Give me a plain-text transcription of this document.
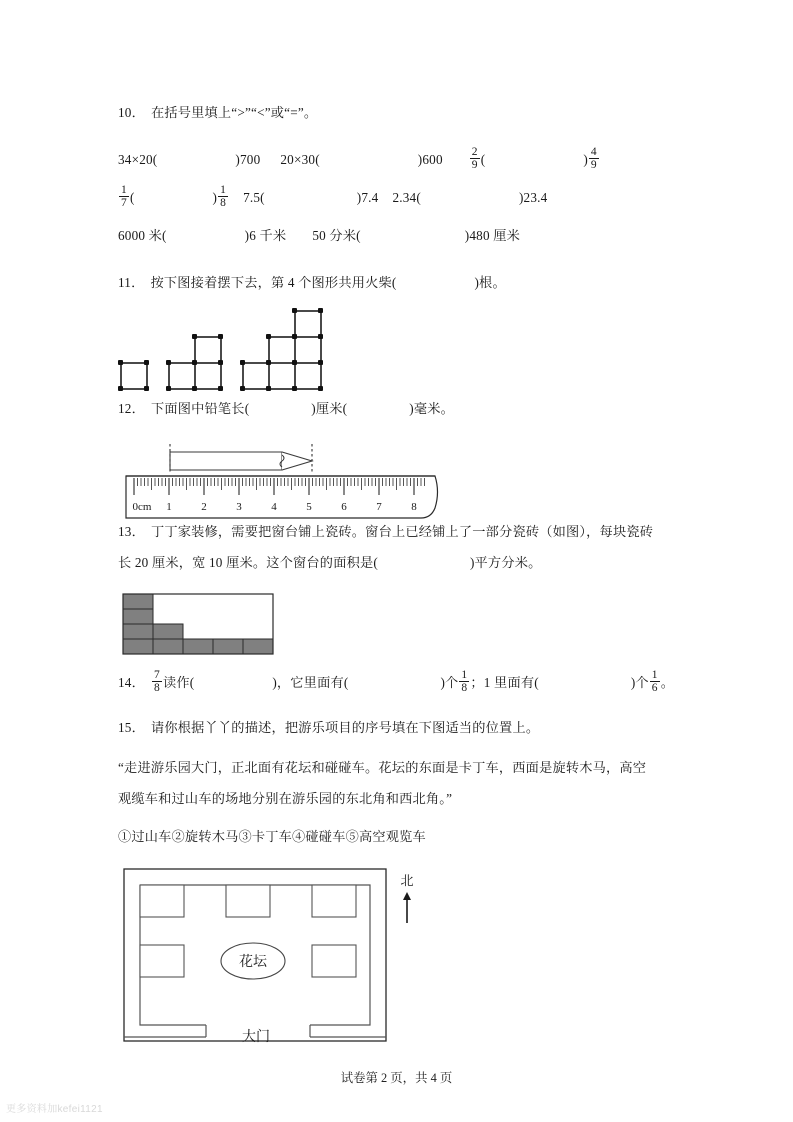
10． 在括号里填上“>”“<”或“=”。
34×20(	)700 20×30(	)$600 \frac{2}{9}$ (	) $\frac{4}{9}$
$\frac{1}{7}$ (	) $\frac{1}{8} 7.5$(	)7.4 2.34(	)23.4
6000 米(	)6 千米 50 分米(	)480 厘米
11． 按下图接着摆下去，第 4 个图形共用火柴(	)根。
12． 下面图中铅笔长(	)厘米(	)毫米。
0cm 1	2	3	4	5	6	7	8
13． 丁丁家装修，需要把窗台铺上瓷砖。窗台上已经铺上了一部分瓷砖（如图），每块瓷砖
长 20 厘米，宽 10 厘米。这个窗台的面积是(	)平方分米。
14． $\frac{7}{8}$ 读作(	)，它里面有(	)个 $\frac{1}{8}$ ；1 里面有(	)个 $\frac{1}{6}$ 。
15． 请你根据丫丫的描述，把游乐项目的序号填在下图适当的位置上。
“走进游乐园大门，正北面有花坛和碰碰车。花坛的东面是卡丁车，西面是旋转木马，高空
观缆车和过山车的场地分别在游乐园的东北角和西北角。”
①过山车②旋转木马③卡丁车④碰碰车⑤高空观览车
花坛
大门
北
试卷第 2 页，共 4 页
更多资料加kefei1121
